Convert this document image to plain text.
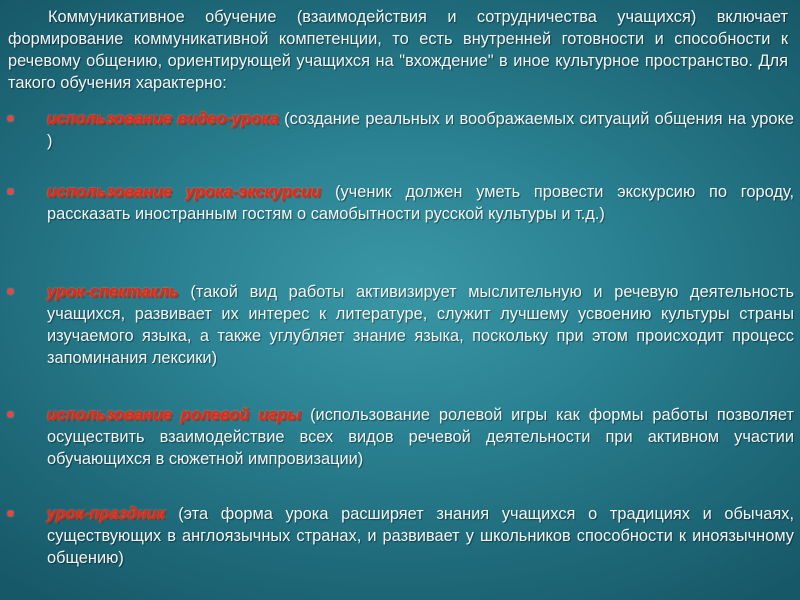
Коммуникативное обучение (взаимодействия и сотрудничества учащихся) включает формирование коммуникативной компетенции, то есть внутренней готовности и способности к речевому общению, ориентирующей учащихся на "вхождение" в иное культурное пространство. Для такого обучения характерно:

использование видео-урока (создание реальных и воображаемых ситуаций общения на уроке )

использование урока-экскурсии (ученик должен уметь провести экскурсию по городу, рассказать иностранным гостям о самобытности русской культуры и т.д.)

урок-спектакль (такой вид работы активизирует мыслительную и речевую деятельность учащихся, развивает их интерес к литературе, служит лучшему усвоению культуры страны изучаемого языка, а также углубляет знание языка, поскольку при этом происходит процесс запоминания лексики)

использование ролевой игры (использование ролевой игры как формы работы позволяет осуществить взаимодействие всех видов речевой деятельности при активном участии обучающихся в сюжетной импровизации)

урок-праздник (эта форма урока расширяет знания учащихся о традициях и обычаях, существующих в англоязычных странах, и развивает у школьников способности к иноязычному общению)
